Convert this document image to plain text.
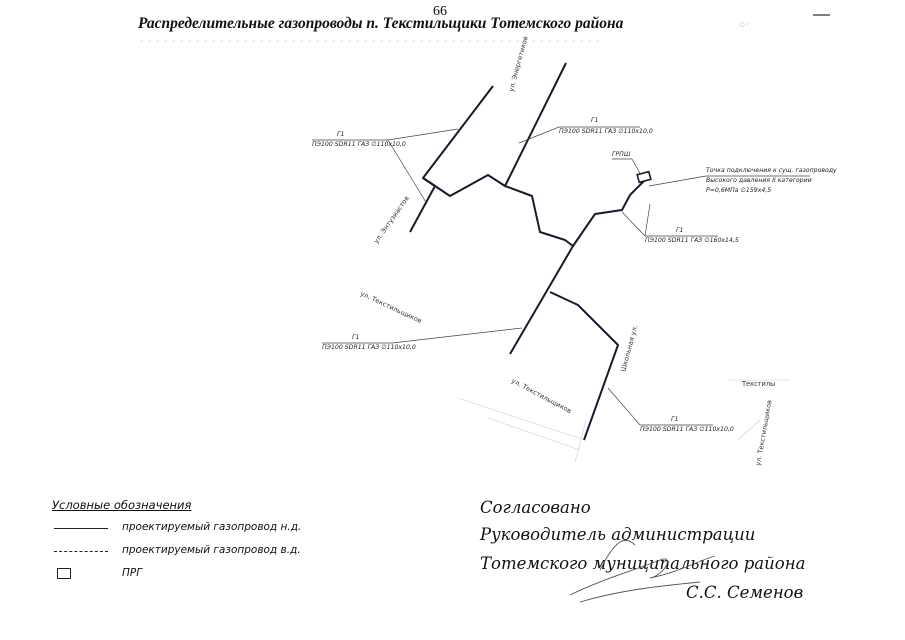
66
Распределительные газопроводы п. Текстильщики Тотемского района	○ ◦
Г1
ПЭ100 SDR11 ГАЗ ∅110х10,0
Г1
ПЭ100 SDR11 ГАЗ ∅110х10,0
Г1
ПЭ100 SDR11 ГАЗ ∅160х14,5
Г1
ПЭ100 SDR11 ГАЗ ∅110х10,0
Г1
ПЭ100 SDR11 ГАЗ ∅110х10,0
ГРПШ
Точка подключения к сущ. газопроводу
Высокого давления II категории
Р=0,6МПа ∅159х4,5
ул. Энергетиков
ул. Энтузиастов
ул. Текстильщиков
ул. Текстильщиков
Школьная ул.
ул. Текстильщиков
Текстилы
Условные обозначения
проектируемый газопровод н.д.
проектируемый газопровод в.д.
ПРГ
Согласовано
Руководитель администрации
Тотемского муниципального района
С.С. Семенов
